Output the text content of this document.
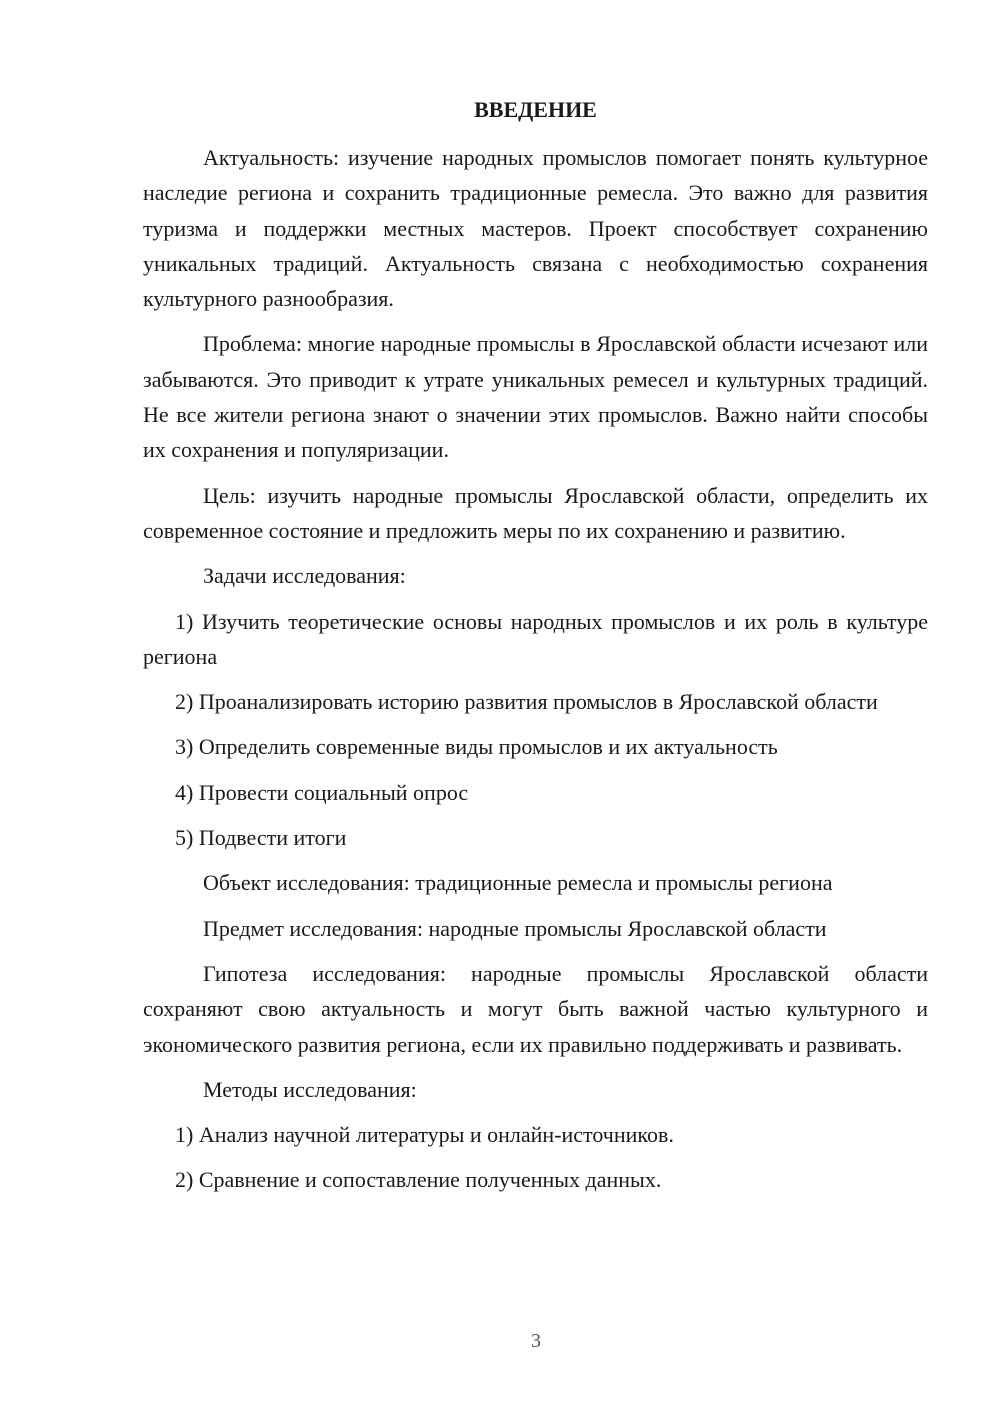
ВВЕДЕНИЕ

Актуальность: изучение народных промыслов помогает понять культурное наследие региона и сохранить традиционные ремесла. Это важно для развития туризма и поддержки местных мастеров. Проект способствует сохранению уникальных традиций. Актуальность связана с необходимостью сохранения культурного разнообразия.

Проблема: многие народные промыслы в Ярославской области исчезают или забываются. Это приводит к утрате уникальных ремесел и культурных традиций. Не все жители региона знают о значении этих промыслов. Важно найти способы их сохранения и популяризации.

Цель: изучить народные промыслы Ярославской области, определить их современное состояние и предложить меры по их сохранению и развитию.

Задачи исследования:

1) Изучить теоретические основы народных промыслов и их роль в культуре региона

2) Проанализировать историю развития промыслов в Ярославской области

3) Определить современные виды промыслов и их актуальность

4) Провести социальный опрос

5) Подвести итоги

Объект исследования: традиционные ремесла и промыслы региона

Предмет исследования: народные промыслы Ярославской области

Гипотеза исследования: народные промыслы Ярославской области сохраняют свою актуальность и могут быть важной частью культурного и экономического развития региона, если их правильно поддерживать и развивать.

Методы исследования:

1) Анализ научной литературы и онлайн-источников.

2) Сравнение и сопоставление полученных данных.

3
